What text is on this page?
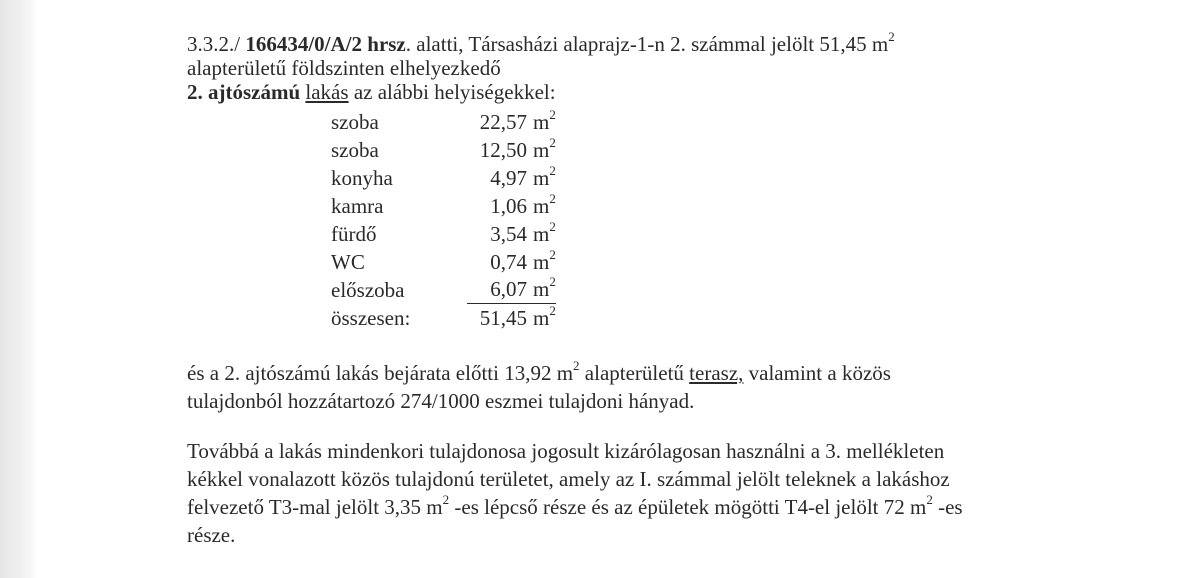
3.3.2./ 166434/0/A/2 hrsz. alatti, Társasházi alaprajz-1-n 2. számmal jelölt 51,45 $m^2$
alapterületű földszinten elhelyezkedő
2. ajtószámú lakás az alábbi helyiségekkel:
szoba	22,57 $m^2$
szoba	12,50 $m^2$
konyha	4,97 $m^2$
kamra	1,06 $m^2$
fürdő	3,54 $m^2$
WC	0,74 $m^2$
előszoba	6,07 $m^2$
összesen:	51,45 $m^2$
és a 2. ajtószámú lakás bejárata előtti 13,92 $m^2$ alapterületű terasz, valamint a közös
tulajdonból hozzátartozó 274/1000 eszmei tulajdoni hányad.
Továbbá a lakás mindenkori tulajdonosa jogosult kizárólagosan használni a 3. mellékleten
kékkel vonalazott közös tulajdonú területet, amely az I. számmal jelölt teleknek a lakáshoz
felvezető T3-mal jelölt 3,35 $m^2$ -es lépcső része és az épületek mögötti T4-el jelölt 72 $m^2$ -es
része.
